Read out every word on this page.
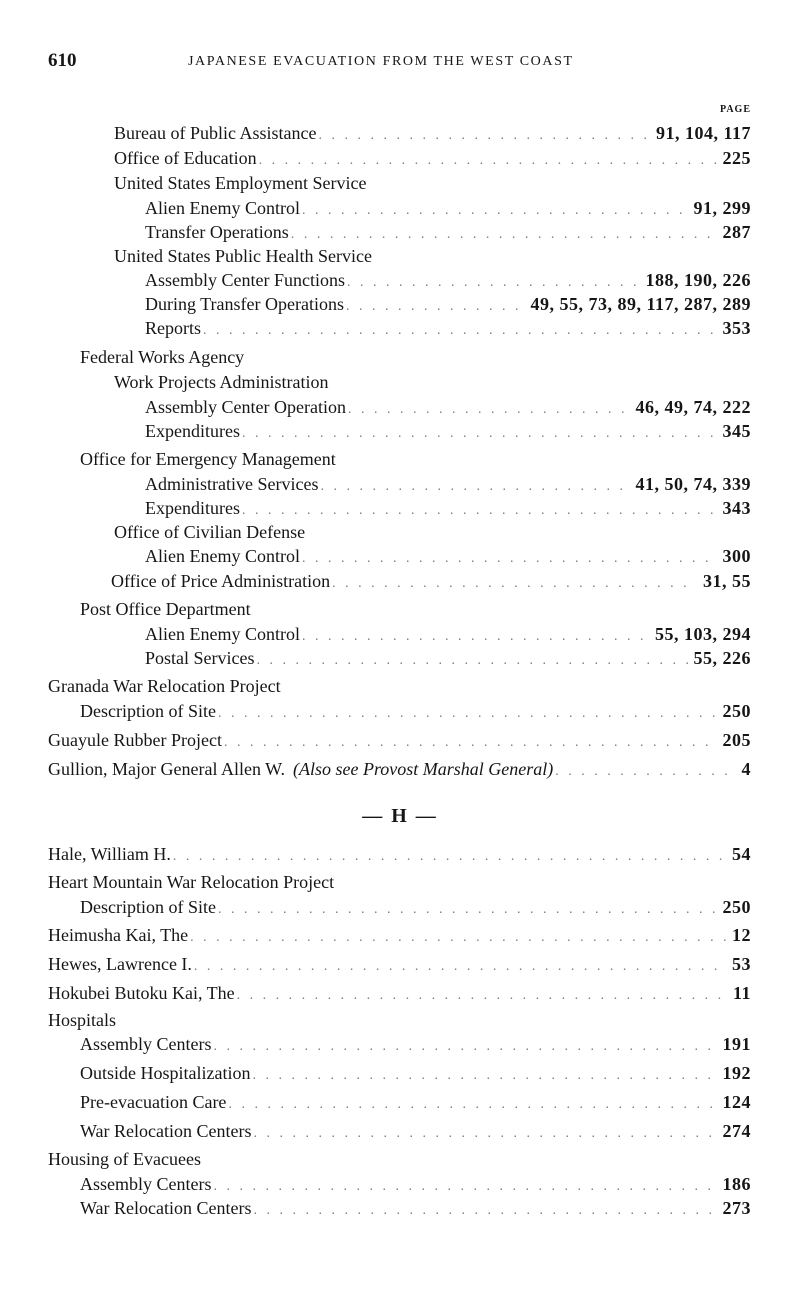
610	JAPANESE EVACUATION FROM THE WEST COAST
PAGE
Bureau of Public Assistance . . .	91, 104, 117
Office of Education . . .	225
United States Employment Service
Alien Enemy Control . . .	91, 299
Transfer Operations . . .	287
United States Public Health Service
Assembly Center Functions . . .	188, 190, 226
During Transfer Operations . . .	49, 55, 73, 89, 117, 287, 289
Reports . . .	353
Federal Works Agency
Work Projects Administration
Assembly Center Operation . . .	46, 49, 74, 222
Expenditures . . .	345
Office for Emergency Management
Administrative Services . . .	41, 50, 74, 339
Expenditures . . .	343
Office of Civilian Defense
Alien Enemy Control . . .	300
Office of Price Administration . . .	31, 55
Post Office Department
Alien Enemy Control . . .	55, 103, 294
Postal Services . . .	55, 226
Granada War Relocation Project
Description of Site . . .	250
Guayule Rubber Project . . .	205
Gullion, Major General Allen W. (Also see Provost Marshal General) . . .	4
— H —
Hale, William H. . . .	54
Heart Mountain War Relocation Project
Description of Site . . .	250
Heimusha Kai, The . . .	12
Hewes, Lawrence I. . . .	53
Hokubei Butoku Kai, The . . .	11
Hospitals
Assembly Centers . . .	191
Outside Hospitalization . . .	192
Pre-evacuation Care . . .	124
War Relocation Centers . . .	274
Housing of Evacuees
Assembly Centers . . .	186
War Relocation Centers . . .	273
